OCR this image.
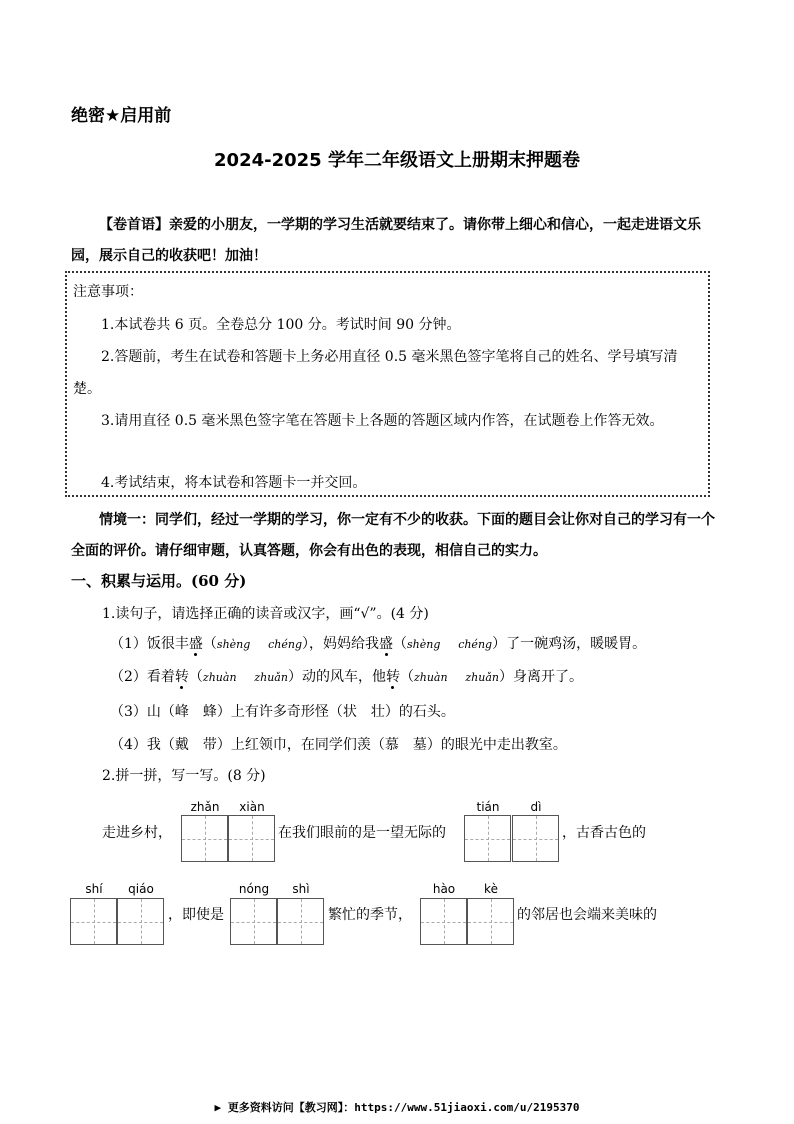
绝密★启用前
2024-2025 学年二年级语文上册期末押题卷
【卷首语】亲爱的小朋友，一学期的学习生活就要结束了。请你带上细心和信心，一起走进语文乐园，展示自己的收获吧！加油！
注意事项：
1.本试卷共 6 页。全卷总分 100 分。考试时间 90 分钟。
2.答题前，考生在试卷和答题卡上务必用直径 0.5 毫米黑色签字笔将自己的姓名、学号填写清楚。
3.请用直径 0.5 毫米黑色签字笔在答题卡上各题的答题区域内作答，在试题卷上作答无效。
4.考试结束，将本试卷和答题卡一并交回。
情境一：同学们，经过一学期的学习，你一定有不少的收获。下面的题目会让你对自己的学习有一个全面的评价。请仔细审题，认真答题，你会有出色的表现，相信自己的实力。
一、积累与运用。(60 分)
1.读句子，请选择正确的读音或汉字，画“√”。(4 分)
（1）饭很丰盛（shèng chéng），妈妈给我盛（shèng chéng）了一碗鸡汤，暖暖胃。
（2）看着转（zhuàn zhuǎn）动的风车，他转（zhuàn zhuǎn）身离开了。
（3）山（峰　蜂）上有许多奇形怪（状　壮）的石头。
（4）我（戴　带）上红领巾，在同学们羡（慕　墓）的眼光中走出教室。
2.拼一拼，写一写。(8 分)
走进乡村，
zhǎn	xiàn
在我们眼前的是一望无际的
tián	dì
，古香古色的
shí	qiáo
，即使是
nóng	shì
繁忙的季节，
hào	kè
的邻居也会端来美味的
▶ 更多资料访问【教习网】：https://www.51jiaoxi.com/u/2195370
